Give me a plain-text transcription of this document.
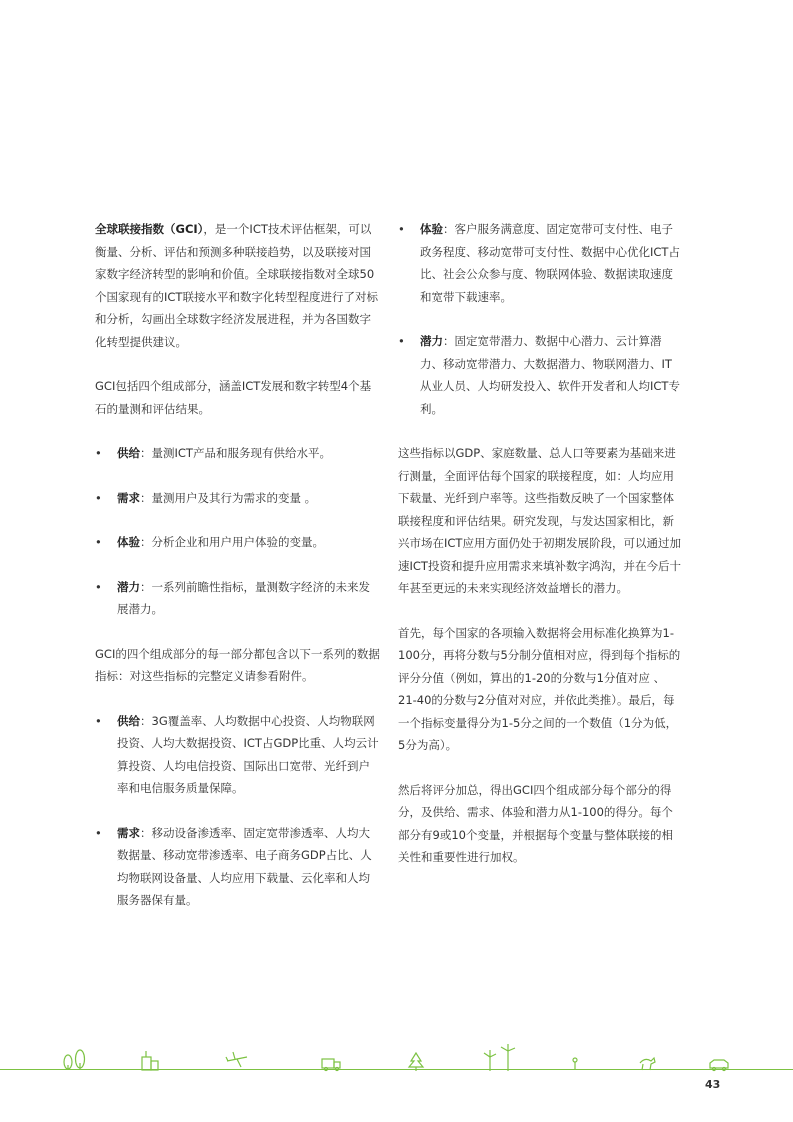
全球联接指数（GCI），是一个ICT技术评估框架，可以衡量、分析、评估和预测多种联接趋势，以及联接对国家数字经济转型的影响和价值。全球联接指数对全球50个国家现有的ICT联接水平和数字化转型程度进行了对标和分析，勾画出全球数字经济发展进程，并为各国数字化转型提供建议。

GCI包括四个组成部分，涵盖ICT发展和数字转型4个基石的量测和评估结果。

• 供给：量测ICT产品和服务现有供给水平。
• 需求：量测用户及其行为需求的变量 。
• 体验：分析企业和用户用户体验的变量。
• 潜力：一系列前瞻性指标，量测数字经济的未来发展潜力。

GCI的四个组成部分的每一部分都包含以下一系列的数据指标：对这些指标的完整定义请参看附件。

• 供给：3G覆盖率、人均数据中心投资、人均物联网投资、人均大数据投资、ICT占GDP比重、人均云计算投资、人均电信投资、国际出口宽带、光纤到户率和电信服务质量保障。
• 需求：移动设备渗透率、固定宽带渗透率、人均大数据量、移动宽带渗透率、电子商务GDP占比、人均物联网设备量、人均应用下载量、云化率和人均服务器保有量。
• 体验：客户服务满意度、固定宽带可支付性、电子政务程度、移动宽带可支付性、数据中心优化ICT占比、社会公众参与度、物联网体验、数据读取速度和宽带下载速率。
• 潜力：固定宽带潜力、数据中心潜力、云计算潜力、移动宽带潜力、大数据潜力、物联网潜力、IT从业人员、人均研发投入、软件开发者和人均ICT专利。

这些指标以GDP、家庭数量、总人口等要素为基础来进行测量，全面评估每个国家的联接程度，如：人均应用下载量、光纤到户率等。这些指数反映了一个国家整体联接程度和评估结果。研究发现，与发达国家相比，新兴市场在ICT应用方面仍处于初期发展阶段，可以通过加速ICT投资和提升应用需求来填补数字鸿沟，并在今后十年甚至更远的未来实现经济效益增长的潜力。

首先，每个国家的各项输入数据将会用标准化换算为1-100分，再将分数与5分制分值相对应，得到每个指标的评分分值（例如，算出的1-20的分数与1分值对应 、21-40的分数与2分值对对应，并依此类推）。最后，每一个指标变量得分为1-5分之间的一个数值（1分为低，5分为高）。

然后将评分加总，得出GCI四个组成部分每个部分的得分，及供给、需求、体验和潜力从1-100的得分。每个部分有9或10个变量，并根据每个变量与整体联接的相关性和重要性进行加权。

43
